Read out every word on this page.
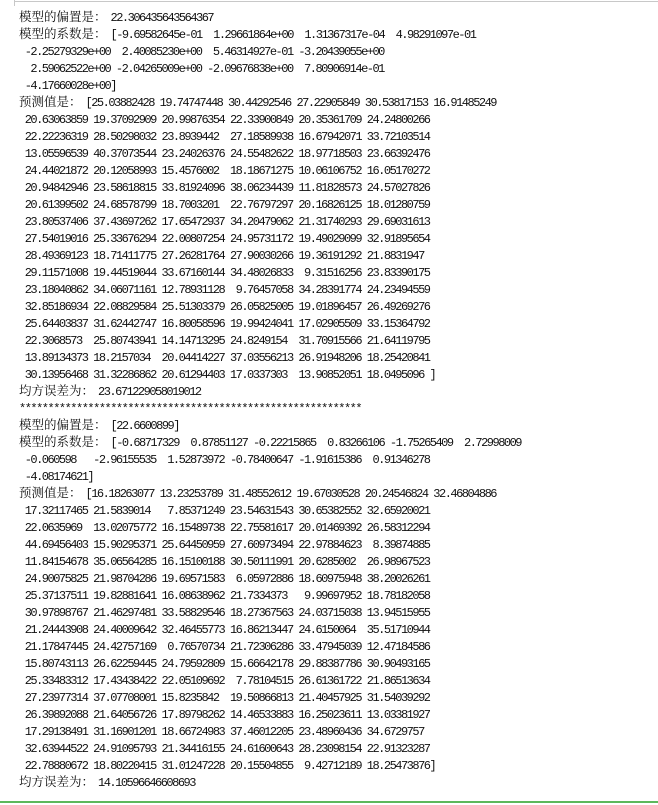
模型的偏置是： 22.306435643564367
模型的系数是： [-9.69582645e-01  1.29661864e+00  1.31367317e-04  4.98291097e-01
-2.25279329e+00  2.40085230e+00  5.46314927e-01 -3.20439055e+00
2.59062522e+00 -2.04265009e+00 -2.09676838e+00  7.80906914e-01
-4.17660028e+00]
预测值是： [25.03882428 19.74747448 30.44292546 27.22905849 30.53817153 16.91485249
20.63063859 19.37092909 20.99876354 22.33900849 20.35361709 24.24800266
22.22236319 28.50298032 23.8939442  27.18589938 16.67942071 33.72103514
13.05596539 40.37073544 23.24026376 24.55482622 18.97718503 23.66392476
24.44021872 20.12058993 15.4576002  18.18671275 10.06106752 16.05170272
20.94842946 23.58618815 33.81924096 38.06234439 11.81828573 24.57027826
20.61399502 24.68578799 18.7003201  22.76797297 20.16826125 18.01280759
23.80537406 37.43697262 17.65472937 34.20479062 21.31740293 29.69031613
27.54019016 25.33676294 22.00807254 24.95731172 19.49029099 32.91895654
28.49369123 18.71411775 27.26281764 27.90030266 19.36191292 21.8831947
29.11571008 19.44519044 33.67160144 34.48026833  9.31516256 23.83390175
23.18040862 34.06071161 12.78931128  9.76457058 34.28391774 24.23494559
32.85186934 22.08829584 25.51303379 26.05825005 19.01896457 26.49269276
25.64403837 31.62442747 16.80058596 19.99424041 17.02905509 33.15364792
22.3068573  25.80743941 14.14713295 24.8249154  31.70915566 21.64119795
13.89134373 18.2157034  20.04414227 37.03556213 26.91948206 18.25420841
30.13956468 31.32286862 20.61294403 17.0337303  13.90852051 18.0495096 ]
均方误差为： 23.671229058019012
************************************************************
模型的偏置是： [22.6600899]
模型的系数是： [-0.68717329  0.87851127 -0.22215865  0.83266106 -1.75265409  2.72998009
-0.060598   -2.96155535  1.52873972 -0.78400647 -1.91615386  0.91346278
-4.08174621]
预测值是： [16.18263077 13.23253789 31.48552612 19.67030528 20.24546824 32.46804886
17.32117465 21.5839014   7.85371249 23.54631543 30.65382552 32.65920021
22.0635969  13.02075772 16.15489738 22.75581617 20.01469392 26.58312294
44.69456403 15.90295371 25.64450959 27.60973494 22.97884623  8.39874885
11.84154678 35.06564285 16.15100188 30.50111991 20.6285002  26.98967523
24.90075825 21.98704286 19.69571583  6.05972886 18.60975948 38.20026261
25.37137511 19.82881641 16.08638962 21.7334373   9.99697952 18.78182058
30.97898767 21.46297481 33.58829546 18.27367563 24.03715038 13.94515955
21.24443908 24.40009642 32.46455773 16.86213447 24.6150064  35.51710944
21.17847445 24.42757169  0.76570734 21.72306286 33.47945039 12.47184586
15.80743113 26.62259445 24.79592809 15.66642178 29.88387786 30.90493165
25.33483312 17.43438422 22.05109692  7.78104515 26.61361722 21.86513634
27.23977314 37.07708001 15.8235842  19.50866813 21.40457925 31.54039292
26.39892088 21.64056726 17.89798262 14.46533883 16.25023611 13.03381927
17.29138491 31.16901201 18.66724983 37.46012205 23.48960436 34.6729757
32.63944522 24.91095793 21.34416155 24.61600643 28.23098154 22.91323287
22.78880672 18.80220415 31.01247228 20.15504855  9.42712189 18.25473876]
均方误差为： 14.10596646608693
